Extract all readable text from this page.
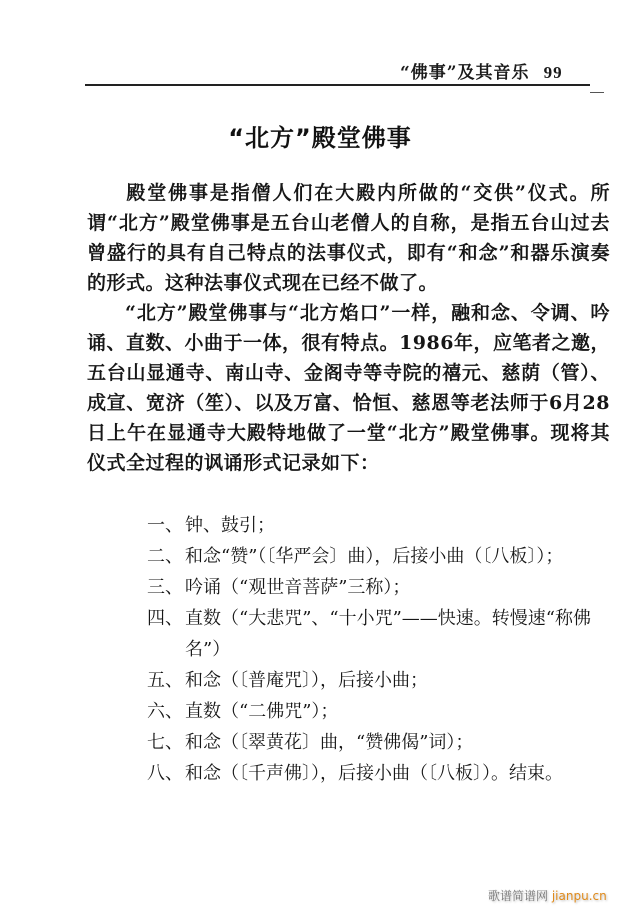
“佛事”及其音乐 99
“北方”殿堂佛事
殿堂佛事是指僧人们在大殿内所做的“交供”仪式。所谓“北方”殿堂佛事是五台山老僧人的自称，是指五台山过去曾盛行的具有自己特点的法事仪式，即有“和念”和器乐演奏的形式。这种法事仪式现在已经不做了。
“北方”殿堂佛事与“北方焰口”一样，融和念、令调、吟诵、直数、小曲于一体，很有特点。1986年，应笔者之邀，五台山显通寺、南山寺、金阁寺等寺院的禧元、慈荫（管）、成宣、宽济（笙）、以及万富、恰恒、慈恩等老法师于6月28日上午在显通寺大殿特地做了一堂“北方”殿堂佛事。现将其仪式全过程的讽诵形式记录如下：
一、 钟、鼓引；
二、 和念“赞”（〔华严会〕曲），后接小曲（〔八板〕）；
三、 吟诵（“观世音菩萨”三称）；
四、 直数（“大悲咒”、“十小咒”——快速。转慢速“称佛名”）
五、 和念（〔普庵咒〕），后接小曲；
六、 直数（“二佛咒”）；
七、 和念（〔翠黄花〕曲，“赞佛偈”词）；
八、 和念（〔千声佛〕），后接小曲（〔八板〕）。结束。
歌谱简谱网 jianpu.cn
